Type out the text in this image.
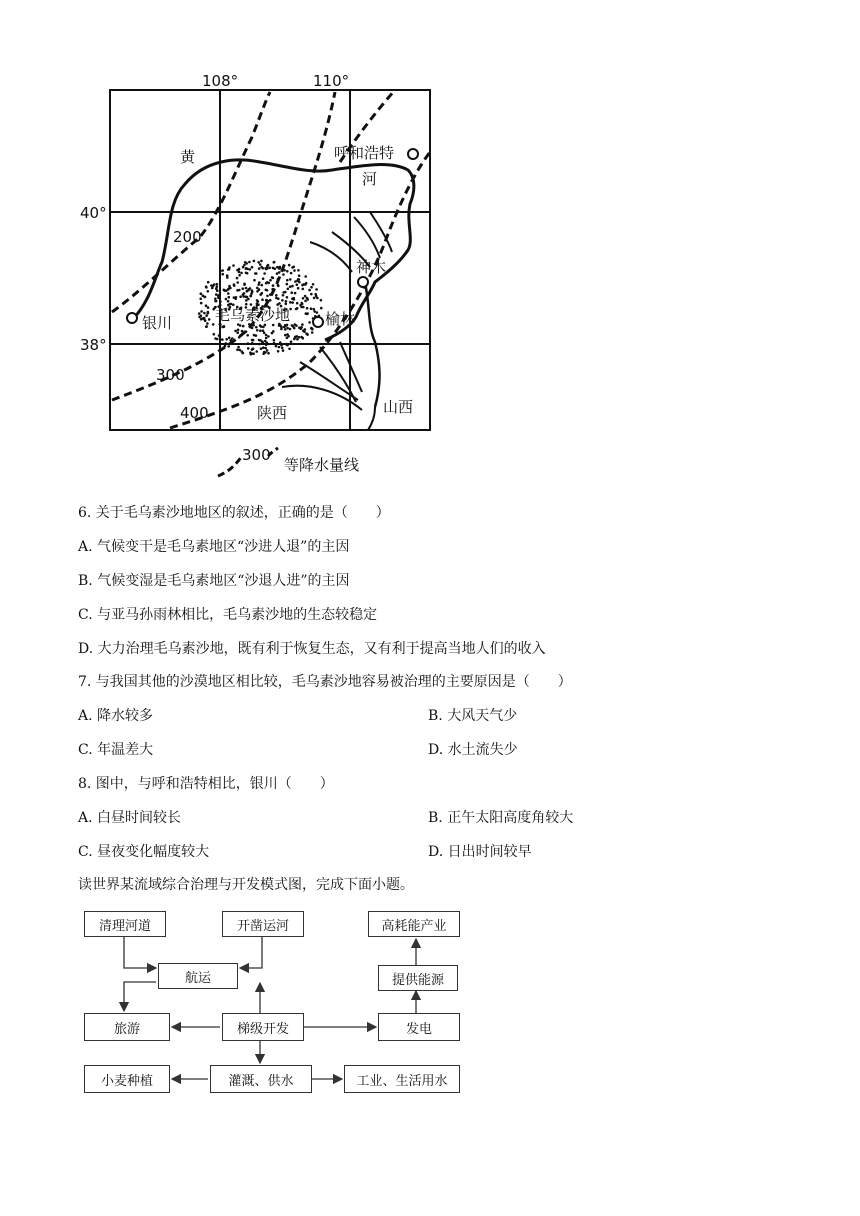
108°	110°
40°
38°
黄
河
呼和浩特
银川
神木
榆林
毛乌素沙地
陕西	山西
200
300
400
300
等降水量线
6. 关于毛乌素沙地地区的叙述，正确的是（　　）
A. 气候变干是毛乌素地区“沙进人退”的主因
B. 气候变湿是毛乌素地区“沙退人进”的主因
C. 与亚马孙雨林相比，毛乌素沙地的生态较稳定
D. 大力治理毛乌素沙地，既有利于恢复生态，又有利于提高当地人们的收入
7. 与我国其他的沙漠地区相比较，毛乌素沙地容易被治理的主要原因是（　　）
A. 降水较多	B. 大风天气少
C. 年温差大	D. 水土流失少
8. 图中，与呼和浩特相比，银川（　　）
A. 白昼时间较长	B. 正午太阳高度角较大
C. 昼夜变化幅度较大	D. 日出时间较早
读世界某流域综合治理与开发模式图，完成下面小题。
清理河道	开凿运河	高耗能产业
航运	提供能源
旅游	梯级开发	发电
小麦种植	灌溉、供水	工业、生活用水
